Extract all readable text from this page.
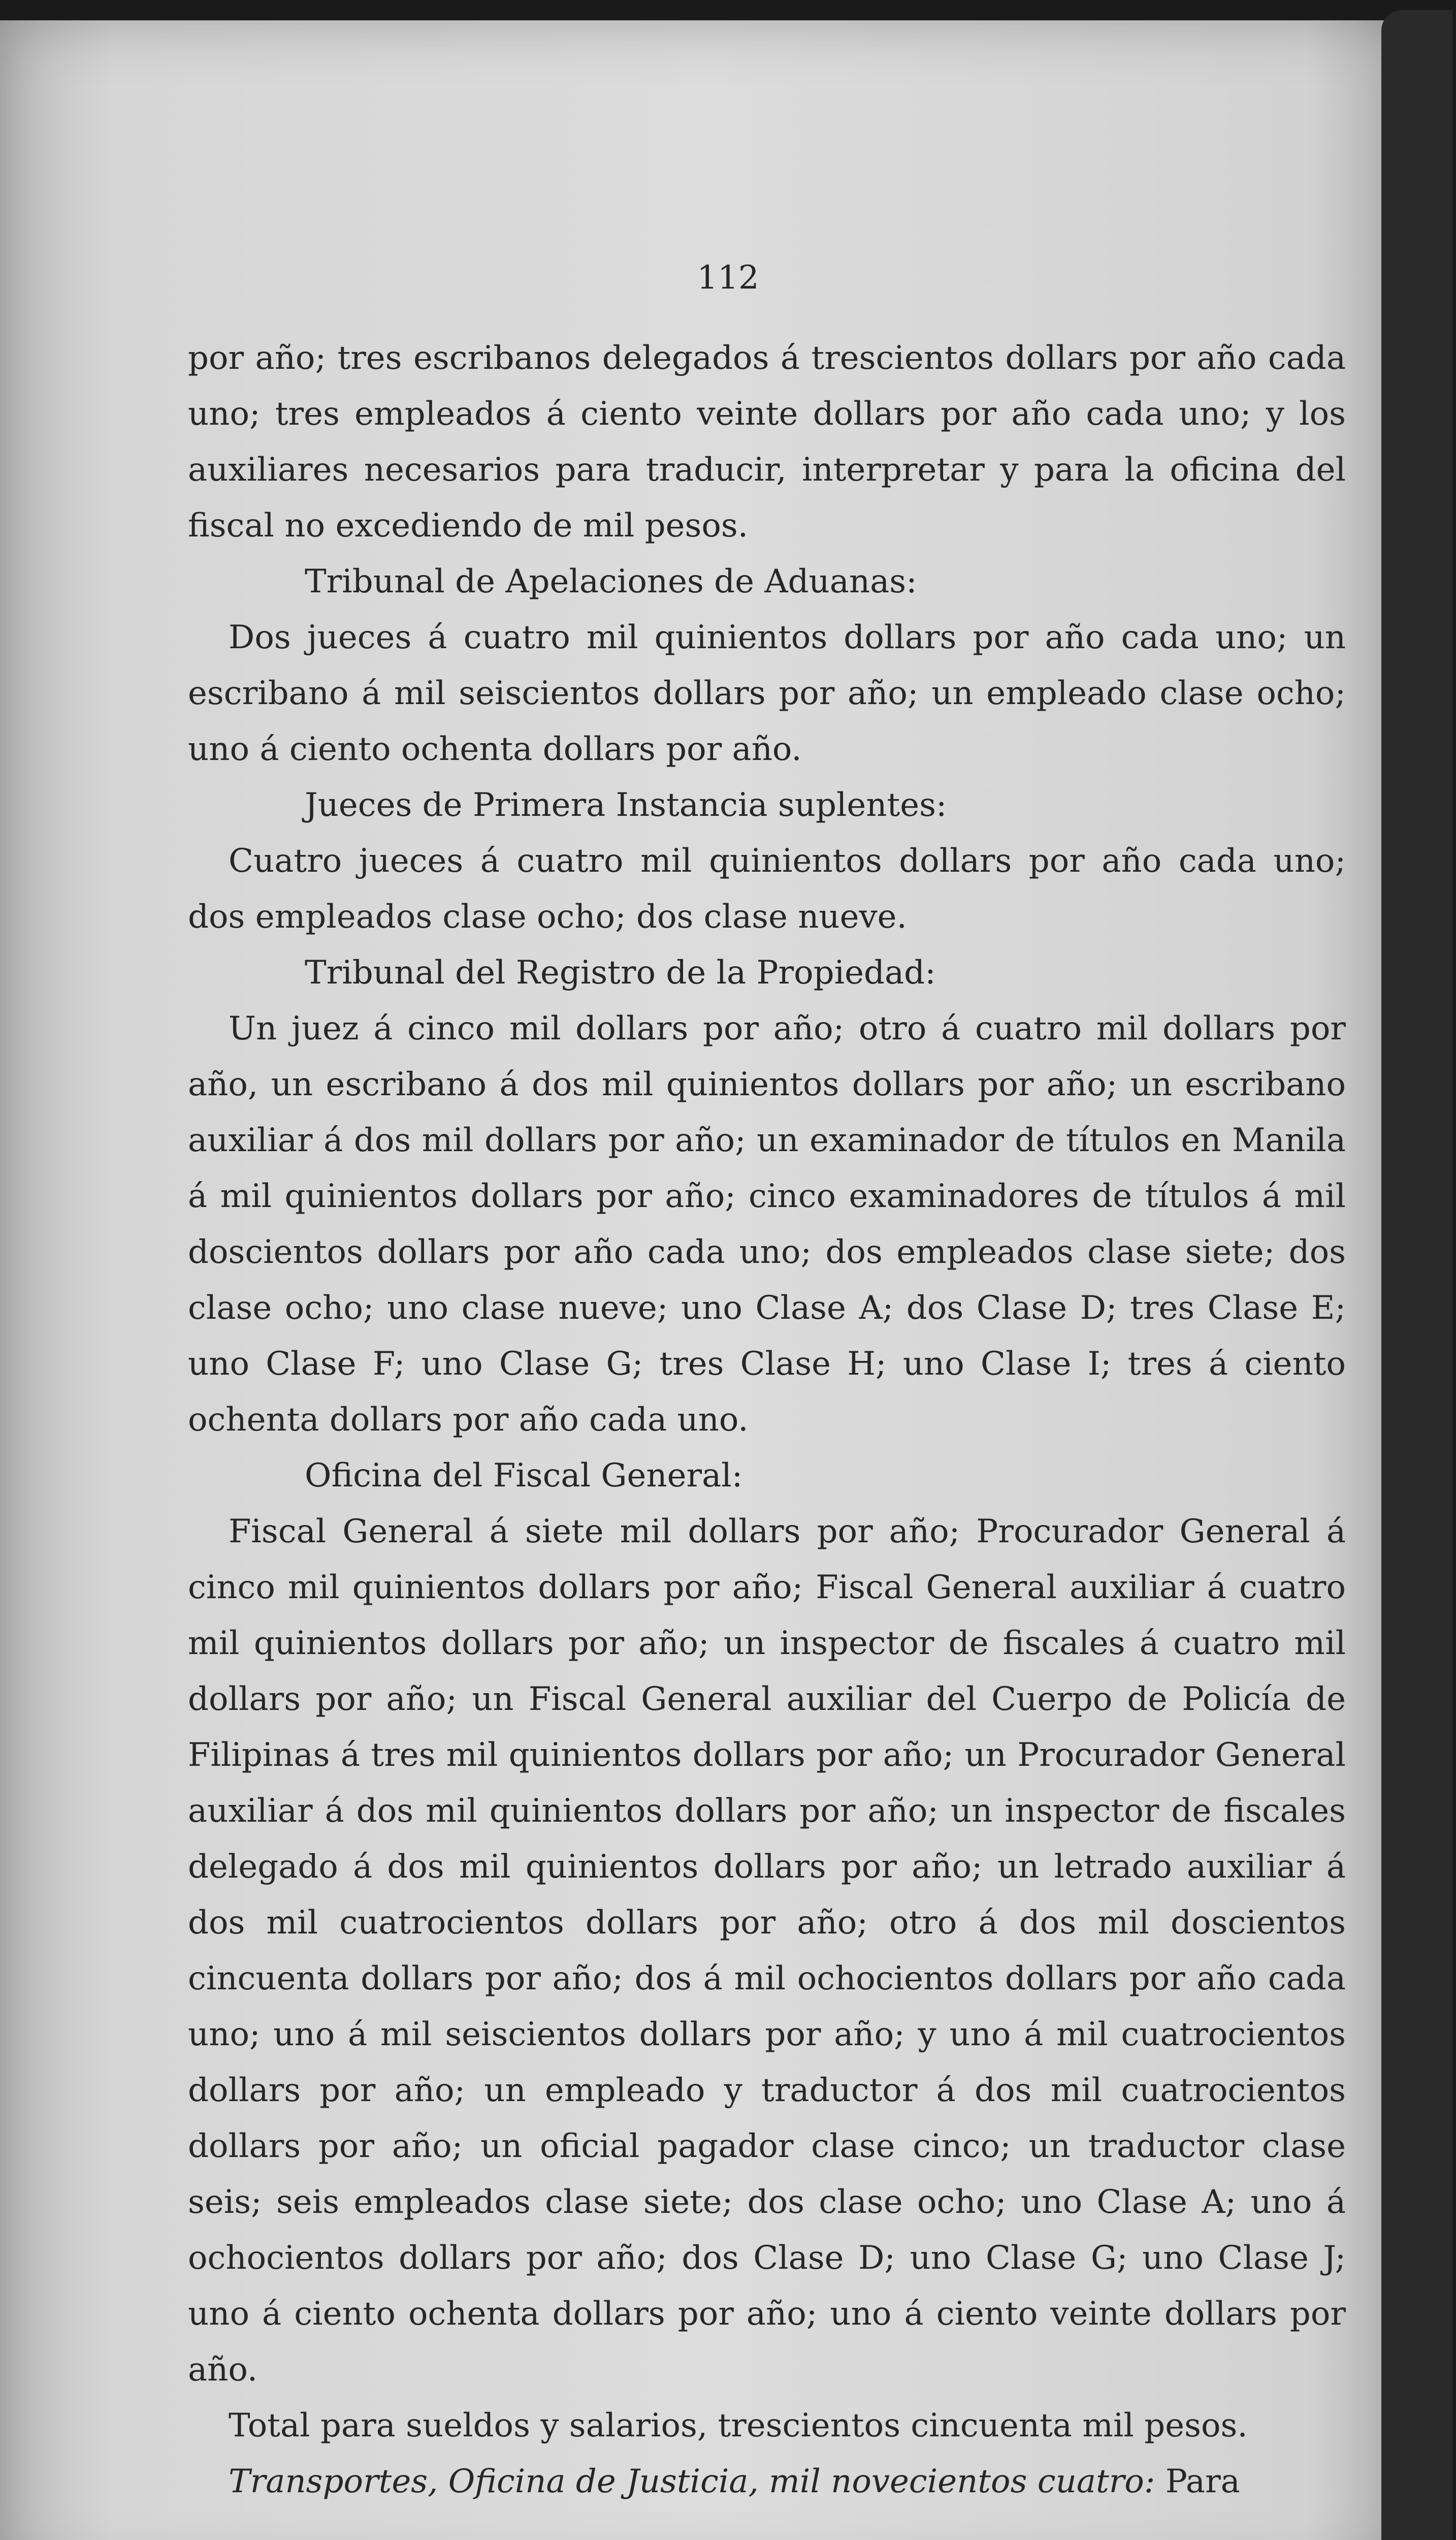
112

por año; tres escribanos delegados á trescientos dollars por año cada uno; tres empleados á ciento veinte dollars por año cada uno; y los auxiliares necesarios para traducir, interpretar y para la oficina del fiscal no excediendo de mil pesos.

Tribunal de Apelaciones de Aduanas:

Dos jueces á cuatro mil quinientos dollars por año cada uno; un escribano á mil seiscientos dollars por año; un empleado clase ocho; uno á ciento ochenta dollars por año.

Jueces de Primera Instancia suplentes:

Cuatro jueces á cuatro mil quinientos dollars por año cada uno; dos empleados clase ocho; dos clase nueve.

Tribunal del Registro de la Propiedad:

Un juez á cinco mil dollars por año; otro á cuatro mil dollars por año, un escribano á dos mil quinientos dollars por año; un escribano auxiliar á dos mil dollars por año; un examinador de títulos en Manila á mil quinientos dollars por año; cinco examinadores de títulos á mil doscientos dollars por año cada uno; dos empleados clase siete; dos clase ocho; uno clase nueve; uno Clase A; dos Clase D; tres Clase E; uno Clase F; uno Clase G; tres Clase H; uno Clase I; tres á ciento ochenta dollars por año cada uno.

Oficina del Fiscal General:

Fiscal General á siete mil dollars por año; Procurador General á cinco mil quinientos dollars por año; Fiscal General auxiliar á cuatro mil quinientos dollars por año; un inspector de fiscales á cuatro mil dollars por año; un Fiscal General auxiliar del Cuerpo de Policía de Filipinas á tres mil quinientos dollars por año; un Procurador General auxiliar á dos mil quinientos dollars por año; un inspector de fiscales delegado á dos mil quinientos dollars por año; un letrado auxiliar á dos mil cuatrocientos dollars por año; otro á dos mil doscientos cincuenta dollars por año; dos á mil ochocientos dollars por año cada uno; uno á mil seiscientos dollars por año; y uno á mil cuatrocientos dollars por año; un empleado y traductor á dos mil cuatrocientos dollars por año; un oficial pagador clase cinco; un traductor clase seis; seis empleados clase siete; dos clase ocho; uno Clase A; uno á ochocientos dollars por año; dos Clase D; uno Clase G; uno Clase J; uno á ciento ochenta dollars por año; uno á ciento veinte dollars por año.

Total para sueldos y salarios, trescientos cincuenta mil pesos.

Transportes, Oficina de Justicia, mil novecientos cuatro: Para
